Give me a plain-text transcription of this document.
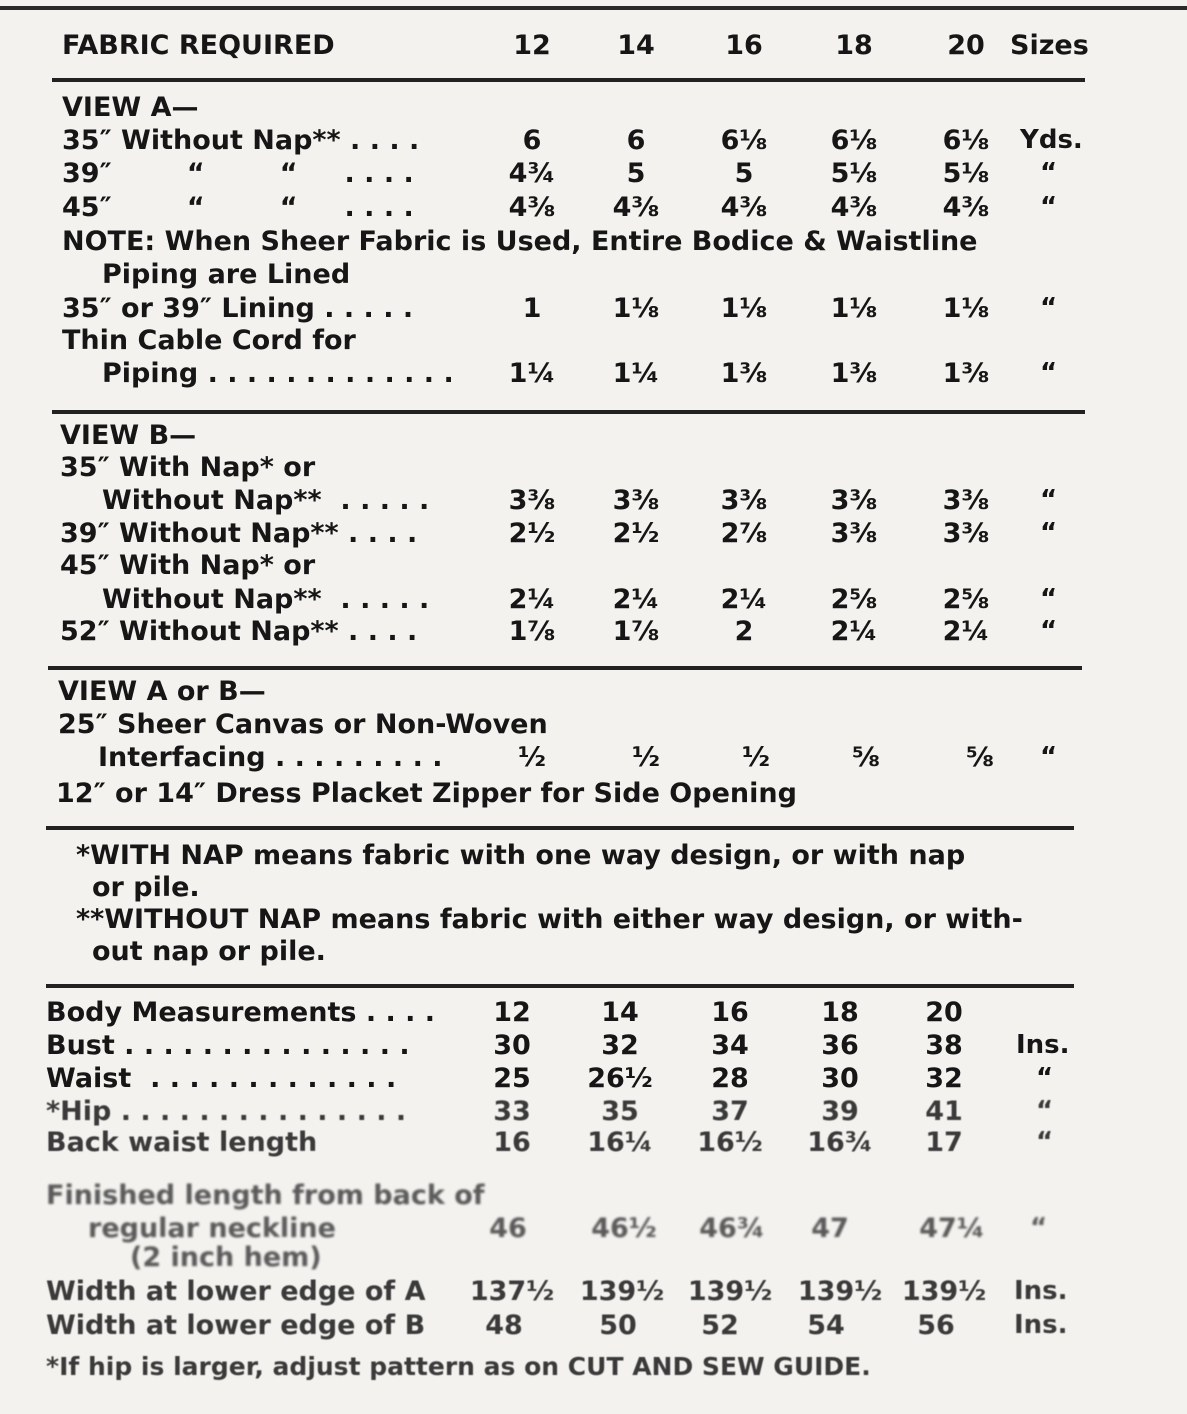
FABRIC REQUIRED	12 14	16	18	20 Sizes
VIEW A—
35″ Without Nap** . . . .	6	6	6⅛ 6⅛ 6⅛ Yds.
39″        “        “     . . . .	4¾	5	5	5⅛ 5⅛ “
45″        “        “     . . . .	4⅜ 4⅜ 4⅜ 4⅜ 4⅜ “
NOTE: When Sheer Fabric is Used, Entire Bodice & Waistline
Piping are Lined
35″ or 39″ Lining . . . . .	1	1⅛ 1⅛ 1⅛ 1⅛ “
Thin Cable Cord for
Piping . . . . . . . . . . . . . 1¼ 1¼ 1⅜ 1⅜ 1⅜ “
VIEW B—
35″ With Nap* or
Without Nap**  . . . . .	3⅜ 3⅜ 3⅜ 3⅜ 3⅜ “
39″ Without Nap** . . . .	2½ 2½ 2⅞ 3⅜ 3⅜ “
45″ With Nap* or
Without Nap**  . . . . .	2¼ 2¼ 2¼ 2⅝ 2⅝ “
52″ Without Nap** . . . .	1⅞ 1⅞	2	2¼ 2¼ “
VIEW A or B—
25″ Sheer Canvas or Non-Woven
Interfacing . . . . . . . . .	½	½	½	⅝	⅝ “
12″ or 14″ Dress Placket Zipper for Side Opening
*WITH NAP means fabric with one way design, or with nap
or pile.
**WITHOUT NAP means fabric with either way design, or with-
out nap or pile.
Body Measurements . . . . 12	14	16	18 20
Bust . . . . . . . . . . . . . . .	30	32	34	36 38 Ins.
Waist  . . . . . . . . . . . . .	25 26½ 28	30 32	“
*Hip . . . . . . . . . . . . . . .	33	35	37	39 41	“
Back waist length	16 16¼ 16½ 16¾ 17	“
Finished length from back of
regular neckline	46 46½ 46¾ 47	47¼ “
(2 inch hem)
Width at lower edge of A 137½ 139½ 139½ 139½ 139½ Ins.
Width at lower edge of B 48	50 52	54	56 Ins.
*If hip is larger, adjust pattern as on CUT AND SEW GUIDE.
